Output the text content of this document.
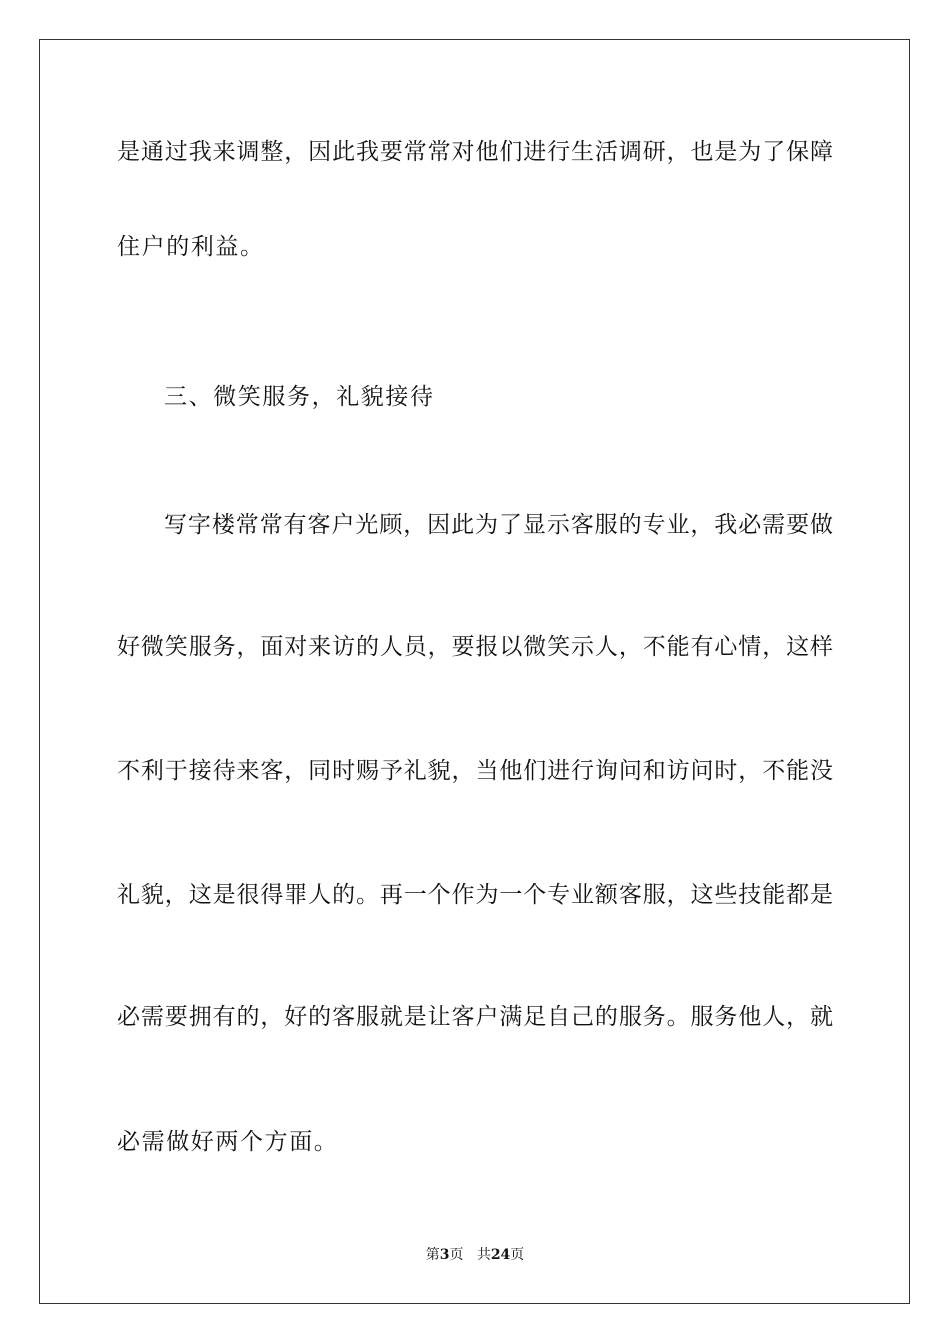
是通过我来调整，因此我要常常对他们进行生活调研，也是为了保障
住户的利益。
三、微笑服务，礼貌接待
写字楼常常有客户光顾，因此为了显示客服的专业，我必需要做
好微笑服务，面对来访的人员，要报以微笑示人，不能有心情，这样
不利于接待来客，同时赐予礼貌，当他们进行询问和访问时，不能没
礼貌，这是很得罪人的。再一个作为一个专业额客服，这些技能都是
必需要拥有的，好的客服就是让客户满足自己的服务。服务他人，就
必需做好两个方面。
第3页 共24页
